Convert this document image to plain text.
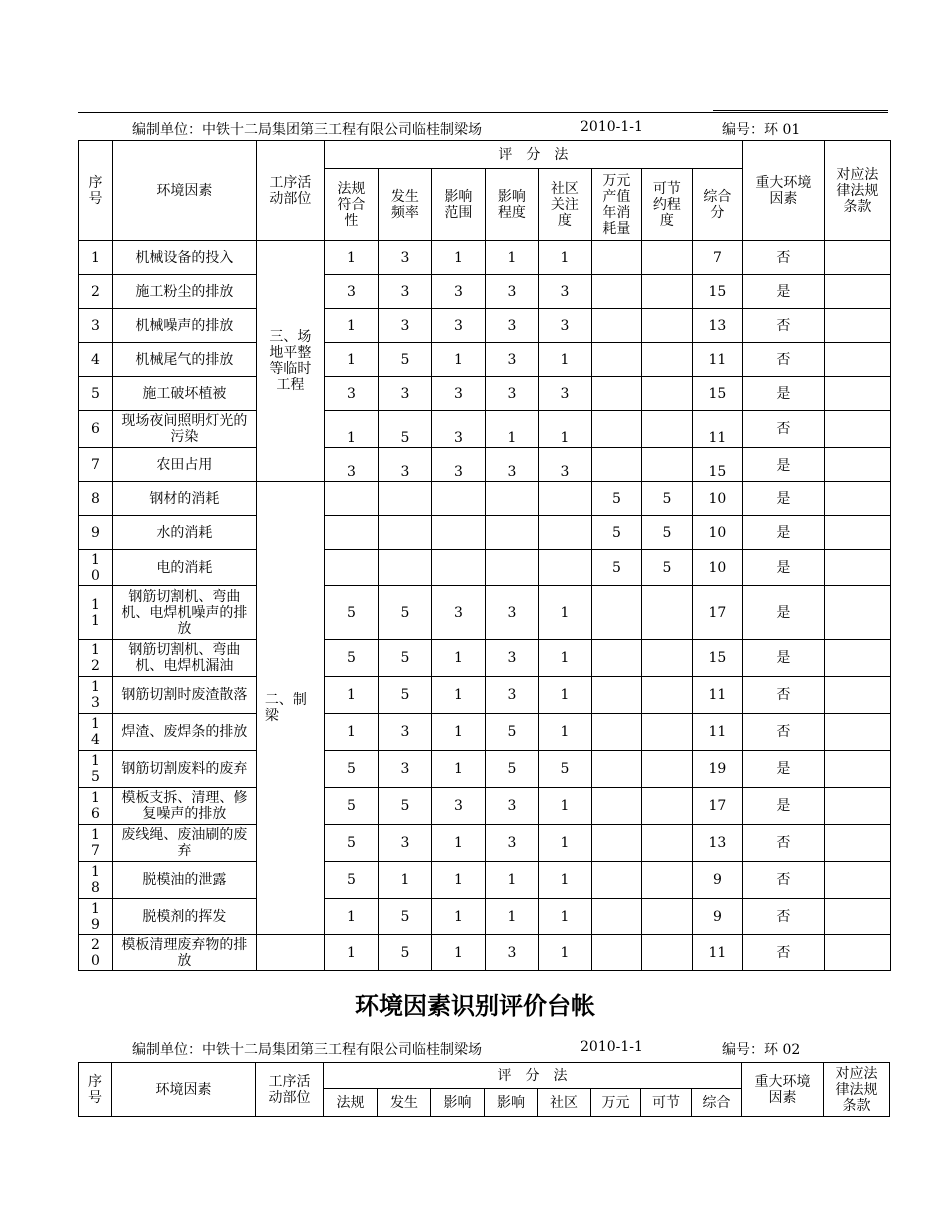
编制单位：中铁十二局集团第三工程有限公司临桂制梁场	2010-1-1	编号：环 01
序号	环境因素	工序活动部位	评　分　法								重大环境因素	对应法律法规条款
			法规符合性	发生频率	影响范围	影响程度	社区关注度	万元产值年消耗量	可节约程度	综合分		
1	机械设备的投入	三、场地平整等临时工程	1	3	1	1	1			7	否	
2	施工粉尘的排放		3	3	3	3	3			15	是	
3	机械噪声的排放		1	3	3	3	3			13	否	
4	机械尾气的排放		1	5	1	3	1			11	否	
5	施工破坏植被		3	3	3	3	3			15	是	
6	现场夜间照明灯光的污染		1	5	3	1	1			11	否	
7	农田占用		3	3	3	3	3			15	是	
8	钢材的消耗	二、制梁						5	5	10	是	
9	水的消耗							5	5	10	是	
10	电的消耗							5	5	10	是	
11	钢筋切割机、弯曲机、电焊机噪声的排放		5	5	3	3	1			17	是	
12	钢筋切割机、弯曲机、电焊机漏油		5	5	1	3	1			15	是	
13	钢筋切割时废渣散落		1	5	1	3	1			11	否	
14	焊渣、废焊条的排放		1	3	1	5	1			11	否	
15	钢筋切割废料的废弃		5	3	1	5	5			19	是	
16	模板支拆、清理、修复噪声的排放		5	5	3	3	1			17	是	
17	废线绳、废油刷的废弃		5	3	1	3	1			13	否	
18	脱模油的泄露		5	1	1	1	1			9	否	
19	脱模剂的挥发		1	5	1	1	1			9	否	
20	模板清理废弃物的排放		1	5	1	3	1			11	否	
环境因素识别评价台帐
编制单位：中铁十二局集团第三工程有限公司临桂制梁场	2010-1-1	编号：环 02
序号	环境因素	工序活动部位	评　分　法								重大环境因素	对应法律法规条款
			法规	发生	影响	影响	社区	万元	可节	综合		
